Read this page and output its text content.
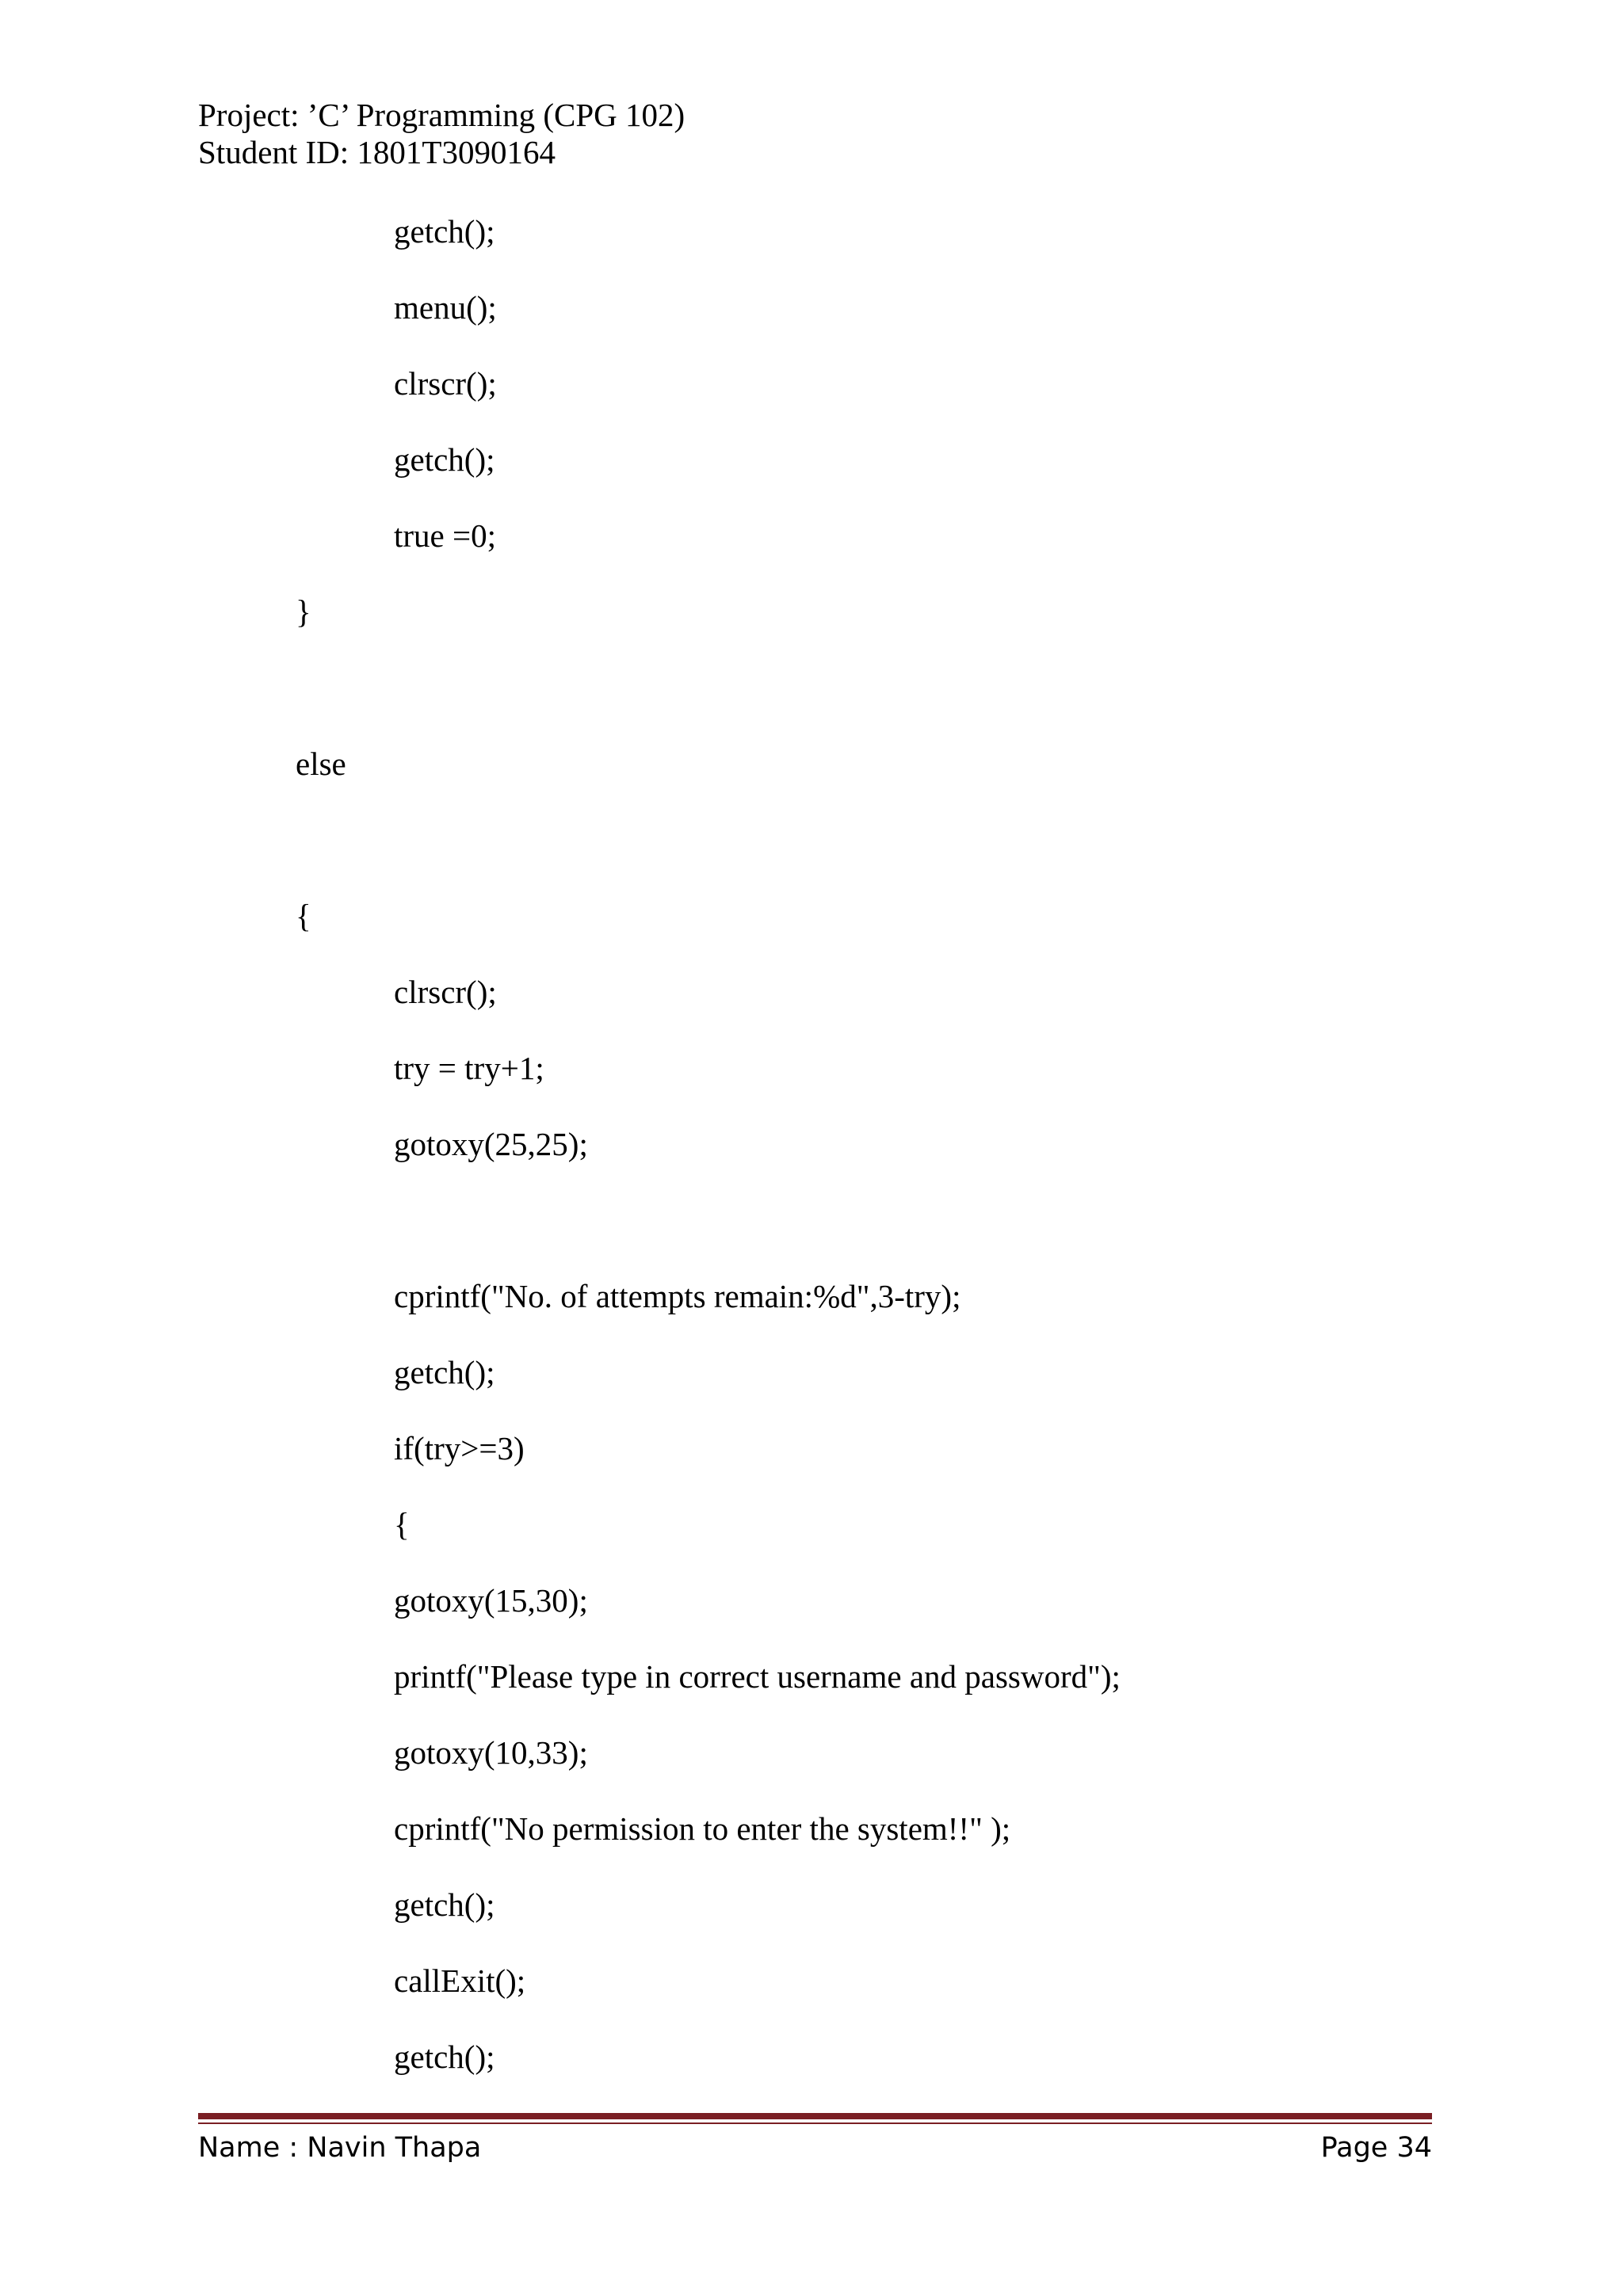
Project: ’C’ Programming (CPG 102)
Student ID: 1801T3090164
getch();
menu();
clrscr();
getch();
true =0;
}
else
{
clrscr();
try = try+1;
gotoxy(25,25);
cprintf("No. of attempts remain:%d",3-try);
getch();
if(try>=3)
{
gotoxy(15,30);
printf("Please type in correct username and password");
gotoxy(10,33);
cprintf("No permission to enter the system!!" );
getch();
callExit();
getch();
Name : Navin Thapa	Page 34
